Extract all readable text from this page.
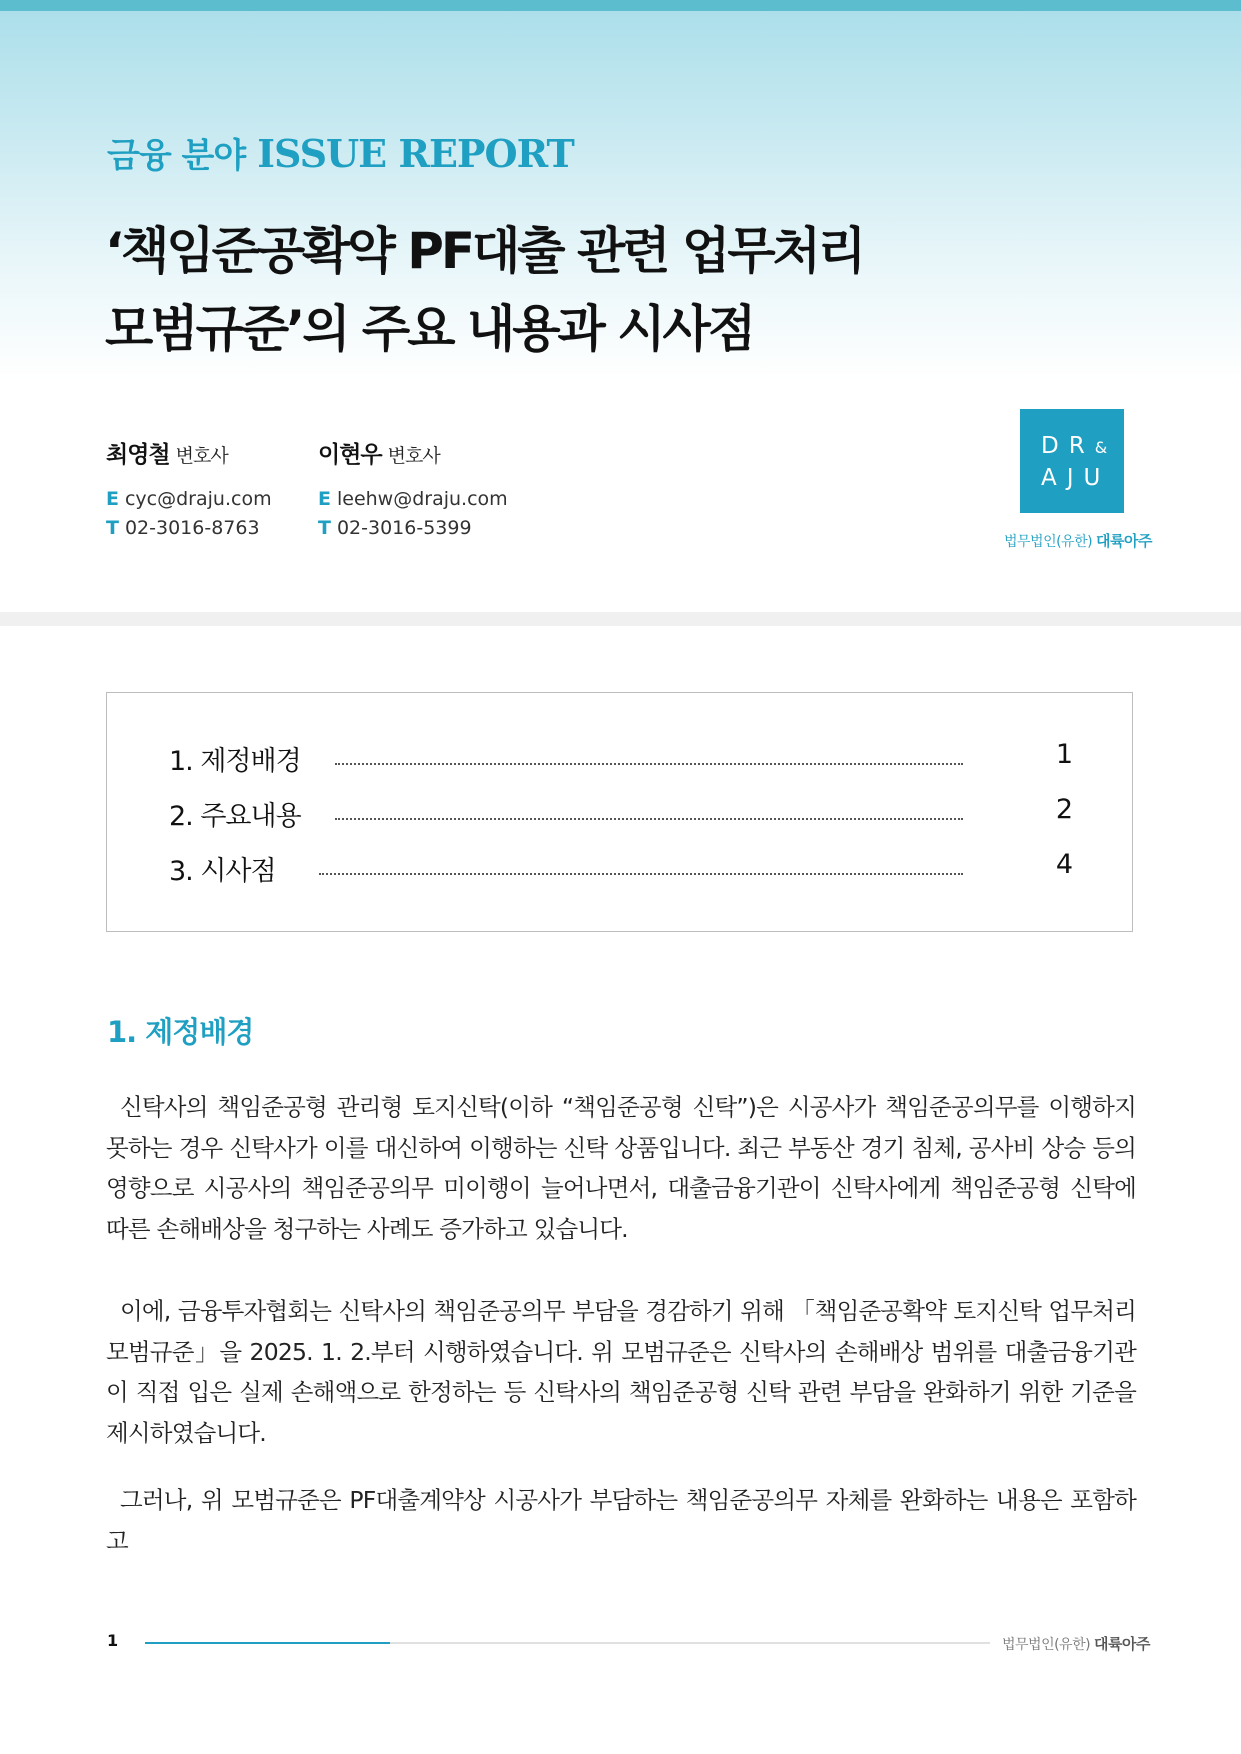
금융 분야 ISSUE REPORT
‘책임준공확약 PF대출 관련 업무처리
모범규준’의 주요 내용과 시사점
최영철 변호사
E cyc@draju.com
T 02-3016-8763
이현우 변호사
E leehw@draju.com
T 02-3016-5399
DR&
AJU
법무법인(유한) 대륙아주
1. 제정배경	1
2. 주요내용	2
3. 시사점	4
1. 제정배경

신탁사의 책임준공형 관리형 토지신탁(이하 “책임준공형 신탁”)은 시공사가 책임준공의무를 이행하지 못하는 경우 신탁사가 이를 대신하여 이행하는 신탁 상품입니다. 최근 부동산 경기 침체, 공사비 상승 등의 영향으로 시공사의 책임준공의무 미이행이 늘어나면서, 대출금융기관이 신탁사에게 책임준공형 신탁에 따른 손해배상을 청구하는 사례도 증가하고 있습니다.

이에, 금융투자협회는 신탁사의 책임준공의무 부담을 경감하기 위해 「책임준공확약 토지신탁 업무처리 모범규준」을 2025. 1. 2.부터 시행하였습니다. 위 모범규준은 신탁사의 손해배상 범위를 대출금융기관이 직접 입은 실제 손해액으로 한정하는 등 신탁사의 책임준공형 신탁 관련 부담을 완화하기 위한 기준을 제시하였습니다.

그러나, 위 모범규준은 PF대출계약상 시공사가 부담하는 책임준공의무 자체를 완화하는 내용은 포함하고

1	법무법인(유한) 대륙아주
